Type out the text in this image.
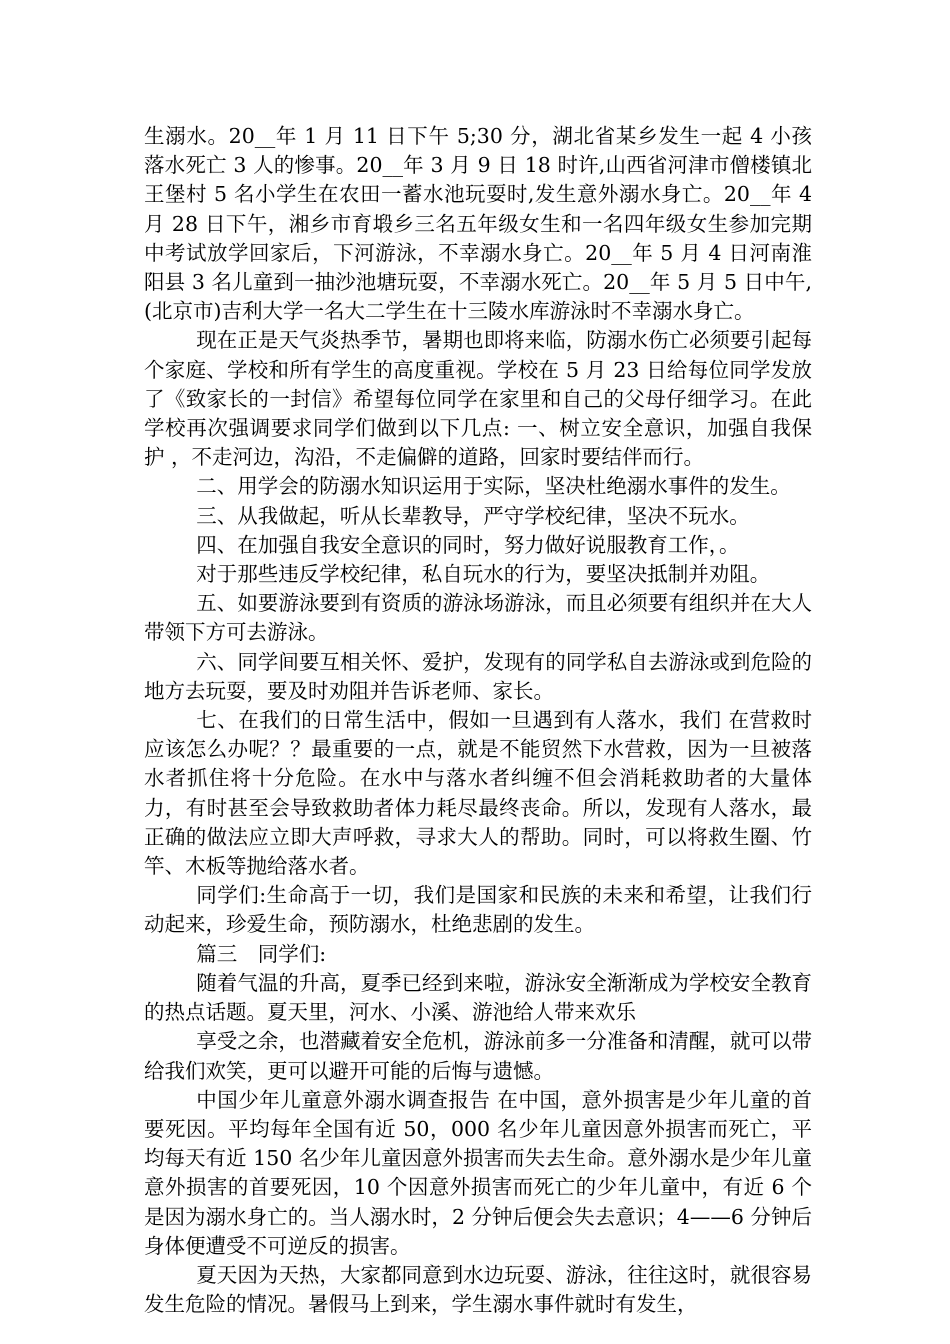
生溺水。20__年 1 月 11 日下午 5;30 分，湖北省某乡发生一起 4 小孩落水死亡 3 人的惨事。20__年 3 月 9 日 18 时许,山西省河津市僧楼镇北王堡村 5 名小学生在农田一蓄水池玩耍时,发生意外溺水身亡。20__年 4 月 28 日下午，湘乡市育塅乡三名五年级女生和一名四年级女生参加完期中考试放学回家后，下河游泳，不幸溺水身亡。20__年 5 月 4 日河南淮阳县 3 名儿童到一抽沙池塘玩耍，不幸溺水死亡。20__年 5 月 5 日中午,(北京市)吉利大学一名大二学生在十三陵水库游泳时不幸溺水身亡。

现在正是天气炎热季节，暑期也即将来临，防溺水伤亡必须要引起每个家庭、学校和所有学生的高度重视。学校在 5 月 23 日给每位同学发放了《致家长的一封信》希望每位同学在家里和自己的父母仔细学习。在此学校再次强调要求同学们做到以下几点: 一、树立安全意识，加强自我保护 ，不走河边，沟沿，不走偏僻的道路，回家时要结伴而行。

二、用学会的防溺水知识运用于实际，坚决杜绝溺水事件的发生。

三、从我做起，听从长辈教导，严守学校纪律，坚决不玩水。

四、在加强自我安全意识的同时，努力做好说服教育工作，。

对于那些违反学校纪律，私自玩水的行为，要坚决抵制并劝阻。

五、如要游泳要到有资质的游泳场游泳，而且必须要有组织并在大人带领下方可去游泳。

六、同学间要互相关怀、爱护，发现有的同学私自去游泳或到危险的地方去玩耍，要及时劝阻并告诉老师、家长。

七、在我们的日常生活中，假如一旦遇到有人落水，我们 在营救时应该怎么办呢？？最重要的一点，就是不能贸然下水营救，因为一旦被落水者抓住将十分危险。在水中与落水者纠缠不但会消耗救助者的大量体力，有时甚至会导致救助者体力耗尽最终丧命。所以，发现有人落水，最正确的做法应立即大声呼救，寻求大人的帮助。同时，可以将救生圈、竹竿、木板等抛给落水者。

同学们:生命高于一切，我们是国家和民族的未来和希望，让我们行动起来，珍爱生命，预防溺水，杜绝悲剧的发生。

篇三　同学们:

随着气温的升高，夏季已经到来啦，游泳安全渐渐成为学校安全教育的热点话题。夏天里，河水、小溪、游池给人带来欢乐

享受之余，也潜藏着安全危机，游泳前多一分准备和清醒，就可以带给我们欢笑，更可以避开可能的后悔与遗憾。

中国少年儿童意外溺水调查报告 在中国，意外损害是少年儿童的首要死因。平均每年全国有近 50，000 名少年儿童因意外损害而死亡，平均每天有近 150 名少年儿童因意外损害而失去生命。意外溺水是少年儿童意外损害的首要死因，10 个因意外损害而死亡的少年儿童中，有近 6 个是因为溺水身亡的。当人溺水时，2 分钟后便会失去意识；4——6 分钟后身体便遭受不可逆反的损害。

夏天因为天热，大家都同意到水边玩耍、游泳，往往这时，就很容易发生危险的情况。暑假马上到来，学生溺水事件就时有发生，
